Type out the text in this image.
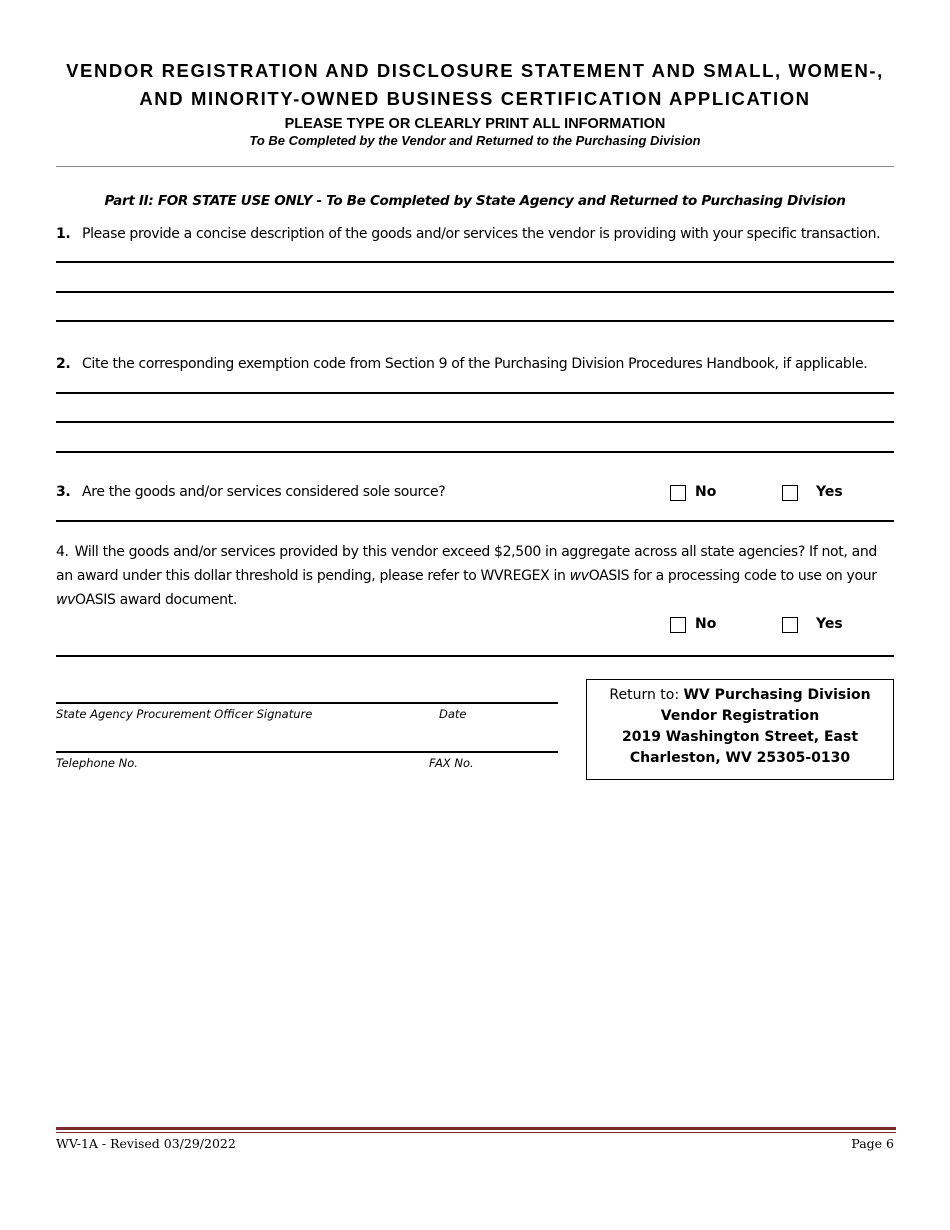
VENDOR REGISTRATION AND DISCLOSURE STATEMENT AND SMALL, WOMEN-,
AND MINORITY-OWNED BUSINESS CERTIFICATION APPLICATION
PLEASE TYPE OR CLEARLY PRINT ALL INFORMATION
To Be Completed by the Vendor and Returned to the Purchasing Division
Part II: FOR STATE USE ONLY - To Be Completed by State Agency and Returned to Purchasing Division
1. Please provide a concise description of the goods and/or services the vendor is providing with your specific transaction.
2. Cite the corresponding exemption code from Section 9 of the Purchasing Division Procedures Handbook, if applicable.
3. Are the goods and/or services considered sole source?	No	Yes
4. Will the goods and/or services provided by this vendor exceed $2,500 in aggregate across all state agencies? If not, and an award under this dollar threshold is pending, please refer to WVREGEX in wvOASIS for a processing code to use on your wvOASIS award document.
No	Yes
State Agency Procurement Officer Signature	Date
Telephone No.	FAX No.
Return to: WV Purchasing Division
Vendor Registration
2019 Washington Street, East
Charleston, WV 25305-0130
WV-1A - Revised 03/29/2022	Page 6
